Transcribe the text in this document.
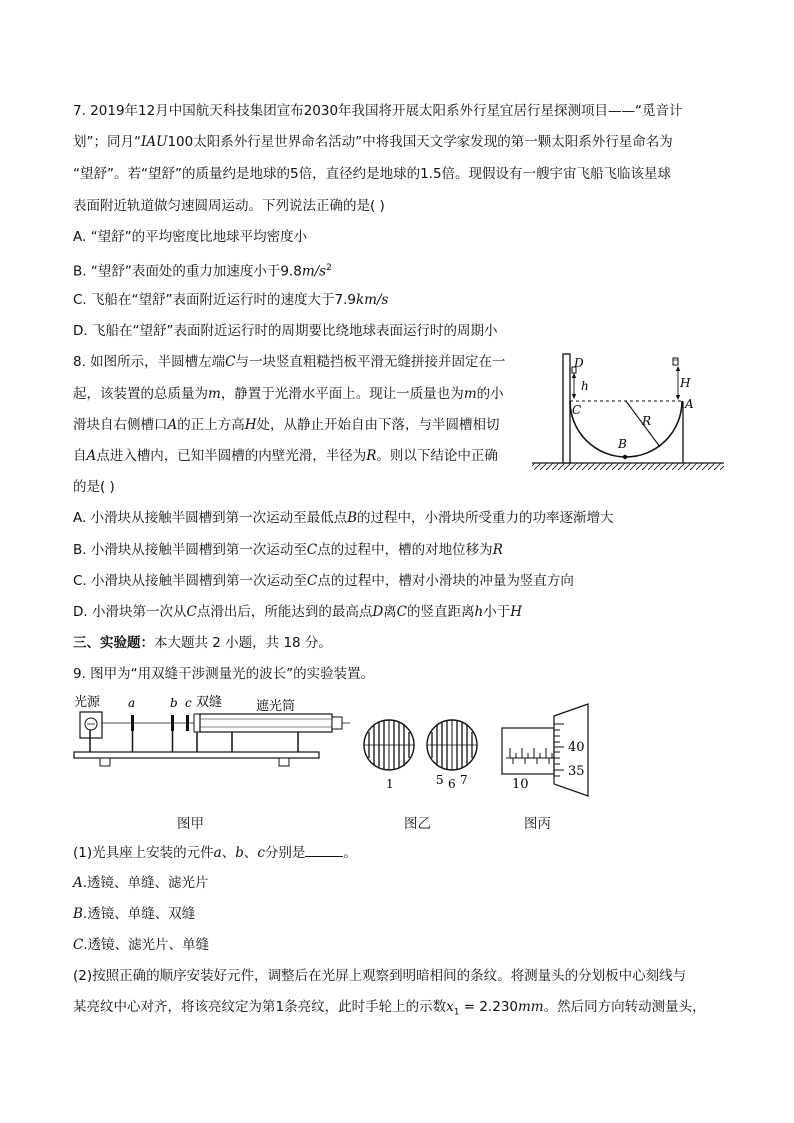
7. 2019年12月中国航天科技集团宣布2030年我国将开展太阳系外行星宜居行星探测项目——“觅音计
划”；同月“IAU100太阳系外行星世界命名活动”中将我国天文学家发现的第一颗太阳系外行星命名为
“望舒”。若“望舒”的质量约是地球的5倍，直径约是地球的1.5倍。现假设有一艘宇宙飞船飞临该星球
表面附近轨道做匀速圆周运动。下列说法正确的是( )
A. “望舒”的平均密度比地球平均密度小
B. “望舒”表面处的重力加速度小于$9.8m/s^2$
C. 飞船在“望舒”表面附近运行时的速度大于7.9km/s
D. 飞船在“望舒”表面附近运行时的周期要比绕地球表面运行时的周期小
8. 如图所示，半圆槽左端C与一块竖直粗糙挡板平滑无缝拼接并固定在一
起，该装置的总质量为m，静置于光滑水平面上。现让一质量也为m的小
滑块自右侧槽口A的正上方高H处，从静止开始自由下落，与半圆槽相切
自A点进入槽内，已知半圆槽的内壁光滑，半径为R。则以下结论中正确
的是( )
A. 小滑块从接触半圆槽到第一次运动至最低点B的过程中，小滑块所受重力的功率逐渐增大
B. 小滑块从接触半圆槽到第一次运动至C点的过程中，槽的对地位移为R
C. 小滑块从接触半圆槽到第一次运动至C点的过程中，槽对小滑块的冲量为竖直方向
D. 小滑块第一次从C点滑出后，所能达到的最高点D离C的竖直距离h小于H
D
h
C
H
A
R
B
三、实验题：本大题共 2 小题，共 18 分。
9. 图甲为“用双缝干涉测量光的波长”的实验装置。
光源 a	b c 双缝	遮光筒
1	5 6 7
40
35
10
图甲	图乙	图丙
(1)光具座上安装的元件a、b、c分别是	。
A.透镜、单缝、滤光片
B.透镜、单缝、双缝
C.透镜、滤光片、单缝
(2)按照正确的顺序安装好元件，调整后在光屏上观察到明暗相间的条纹。将测量头的分划板中心刻线与
某亮纹中心对齐，将该亮纹定为第1条亮纹，此时手轮上的示数$x_1 = 2.230mm$。然后同方向转动测量头，
